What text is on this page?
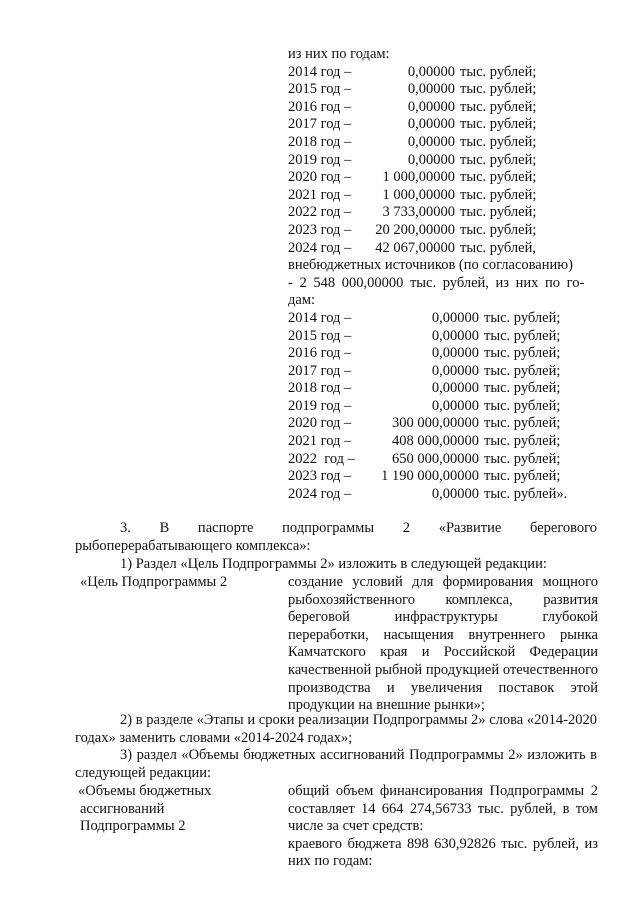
из них по годам:
2014 год –	0,00000 тыс. рублей;
2015 год –	0,00000 тыс. рублей;
2016 год –	0,00000 тыс. рублей;
2017 год –	0,00000 тыс. рублей;
2018 год –	0,00000 тыс. рублей;
2019 год –	0,00000 тыс. рублей;
2020 год – 1 000,00000 тыс. рублей;
2021 год – 1 000,00000 тыс. рублей;
2022 год – 3 733,00000 тыс. рублей;
2023 год – 20 200,00000 тыс. рублей;
2024 год – 42 067,00000 тыс. рублей,
внебюджетных источников (по согласованию)
- 2 548 000,00000 тыс. рублей, из них по го-
дам:
2014 год –	0,00000 тыс. рублей;
2015 год –	0,00000 тыс. рублей;
2016 год –	0,00000 тыс. рублей;
2017 год –	0,00000 тыс. рублей;
2018 год –	0,00000 тыс. рублей;
2019 год –	0,00000 тыс. рублей;
2020 год –	300 000,00000 тыс. рублей;
2021 год –	408 000,00000 тыс. рублей;
2022  год –	650 000,00000 тыс. рублей;
2023 год – 1 190 000,00000 тыс. рублей;
2024 год –	0,00000 тыс. рублей».
3. В паспорте подпрограммы 2 «Развитие берегового рыбоперерабатывающего комплекса»:
1) Раздел «Цель Подпрограммы 2» изложить в следующей редакции:
«Цель Подпрограммы 2	создание условий для формирования мощного рыбохозяйственного комплекса, развития береговой инфраструктуры глубокой переработки, насыщения внутреннего рынка Камчатского края и Российской Федерации качественной рыбной продукцией отечественного производства и увеличения поставок этой продукции на внешние рынки»;
2) в разделе «Этапы и сроки реализации Подпрограммы 2» слова «2014-2020 годах» заменить словами «2014-2024 годах»;
3) раздел «Объемы бюджетных ассигнований Подпрограммы 2» изложить в следующей редакции:
«Объемы бюджетных
ассигнований
Подпрограммы 2
общий объем финансирования Подпрограммы 2 составляет 14 664 274,56733 тыс. рублей, в том числе за счет средств:
краевого бюджета 898 630,92826 тыс. рублей, из них по годам:
